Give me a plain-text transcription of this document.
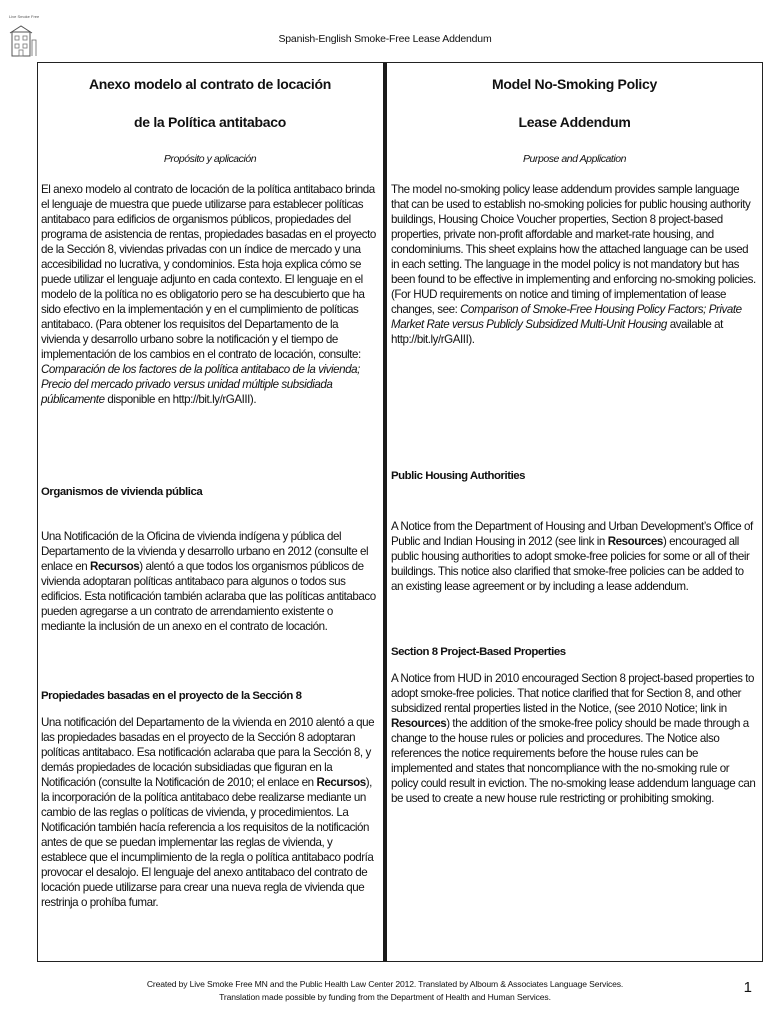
Live Smoke Free
Spanish-English Smoke-Free Lease Addendum
Anexo modelo al contrato de locación
de la Política antitabaco
Propósito y aplicación

El anexo modelo al contrato de locación de la política antitabaco brinda el lenguaje de muestra que puede utilizarse para establecer políticas antitabaco para edificios de organismos públicos, propiedades del programa de asistencia de rentas, propiedades basadas en el proyecto de la Sección 8, viviendas privadas con un índice de mercado y una accesibilidad no lucrativa, y condominios. Esta hoja explica cómo se puede utilizar el lenguaje adjunto en cada contexto. El lenguaje en el modelo de la política no es obligatorio pero se ha descubierto que ha sido efectivo en la implementación y en el cumplimiento de políticas antitabaco. (Para obtener los requisitos del Departamento de la vivienda y desarrollo urbano sobre la notificación y el tiempo de implementación de los cambios en el contrato de locación, consulte: Comparación de los factores de la política antitabaco de la vivienda; Precio del mercado privado versus unidad múltiple subsidiada públicamente disponible en http://bit.ly/rGAIII).

Organismos de vivienda pública

Una Notificación de la Oficina de vivienda indígena y pública del Departamento de la vivienda y desarrollo urbano en 2012 (consulte el enlace en Recursos) alentó a que todos los organismos públicos de vivienda adoptaran políticas antitabaco para algunos o todos sus edificios. Esta notificación también aclaraba que las políticas antitabaco pueden agregarse a un contrato de arrendamiento existente o mediante la inclusión de un anexo en el contrato de locación.

Propiedades basadas en el proyecto de la Sección 8

Una notificación del Departamento de la vivienda en 2010 alentó a que las propiedades basadas en el proyecto de la Sección 8 adoptaran políticas antitabaco. Esa notificación aclaraba que para la Sección 8, y demás propiedades de locación subsidiadas que figuran en la Notificación (consulte la Notificación de 2010; el enlace en Recursos), la incorporación de la política antitabaco debe realizarse mediante un cambio de las reglas o políticas de vivienda, y procedimientos. La Notificación también hacía referencia a los requisitos de la notificación antes de que se puedan implementar las reglas de vivienda, y establece que el incumplimiento de la regla o política antitabaco podría provocar el desalojo. El lenguaje del anexo antitabaco del contrato de locación puede utilizarse para crear una nueva regla de vivienda que restrinja o prohíba fumar.

Model No-Smoking Policy
Lease Addendum
Purpose and Application

The model no-smoking policy lease addendum provides sample language that can be used to establish no-smoking policies for public housing authority buildings, Housing Choice Voucher properties, Section 8 project-based properties, private non-profit affordable and market-rate housing, and condominiums. This sheet explains how the attached language can be used in each setting. The language in the model policy is not mandatory but has been found to be effective in implementing and enforcing no-smoking policies. (For HUD requirements on notice and timing of implementation of lease changes, see: Comparison of Smoke-Free Housing Policy Factors; Private Market Rate versus Publicly Subsidized Multi-Unit Housing available at http://bit.ly/rGAIII).

Public Housing Authorities

A Notice from the Department of Housing and Urban Development’s Office of Public and Indian Housing in 2012 (see link in Resources) encouraged all public housing authorities to adopt smoke-free policies for some or all of their buildings. This notice also clarified that smoke-free policies can be added to an existing lease agreement or by including a lease addendum.

Section 8 Project-Based Properties

A Notice from HUD in 2010 encouraged Section 8 project-based properties to adopt smoke-free policies. That notice clarified that for Section 8, and other subsidized rental properties listed in the Notice, (see 2010 Notice; link in Resources) the addition of the smoke-free policy should be made through a change to the house rules or policies and procedures. The Notice also references the notice requirements before the house rules can be implemented and states that noncompliance with the no-smoking rule or policy could result in eviction. The no-smoking lease addendum language can be used to create a new house rule restricting or prohibiting smoking.

Created by Live Smoke Free MN and the Public Health Law Center 2012. Translated by Alboum & Associates Language Services.
Translation made possible by funding from the Department of Health and Human Services.
1
